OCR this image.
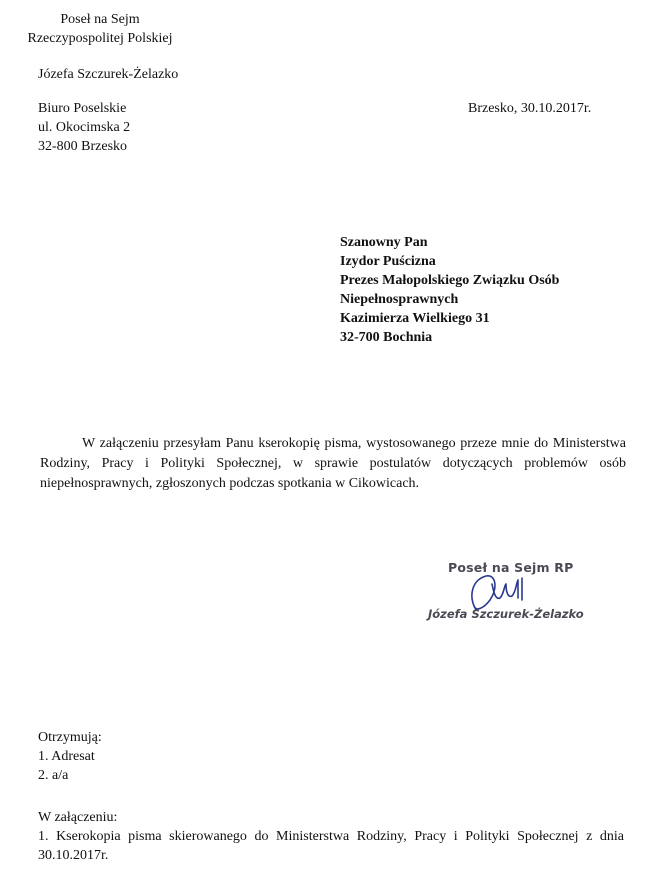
Poseł na Sejm
Rzeczypospolitej Polskiej
Józefa Szczurek-Żelazko
Biuro Poselskie
ul. Okocimska 2
32-800 Brzesko
Brzesko, 30.10.2017r.
Szanowny Pan
Izydor Puścizna
Prezes Małopolskiego Związku Osób
Niepełnosprawnych
Kazimierza Wielkiego 31
32-700 Bochnia

W załączeniu przesyłam Panu kserokopię pisma, wystosowanego przeze mnie do Ministerstwa Rodziny, Pracy i Polityki Społecznej, w sprawie postulatów dotyczących problemów osób niepełnosprawnych, zgłoszonych podczas spotkania w Cikowicach.

Poseł na Sejm RP
Józefa Szczurek-Żelazko
Otrzymują:
1. Adresat
2. a/a
W załączeniu:

1. Kserokopia pisma skierowanego do Ministerstwa Rodziny, Pracy i Polityki Społecznej z dnia 30.10.2017r.
